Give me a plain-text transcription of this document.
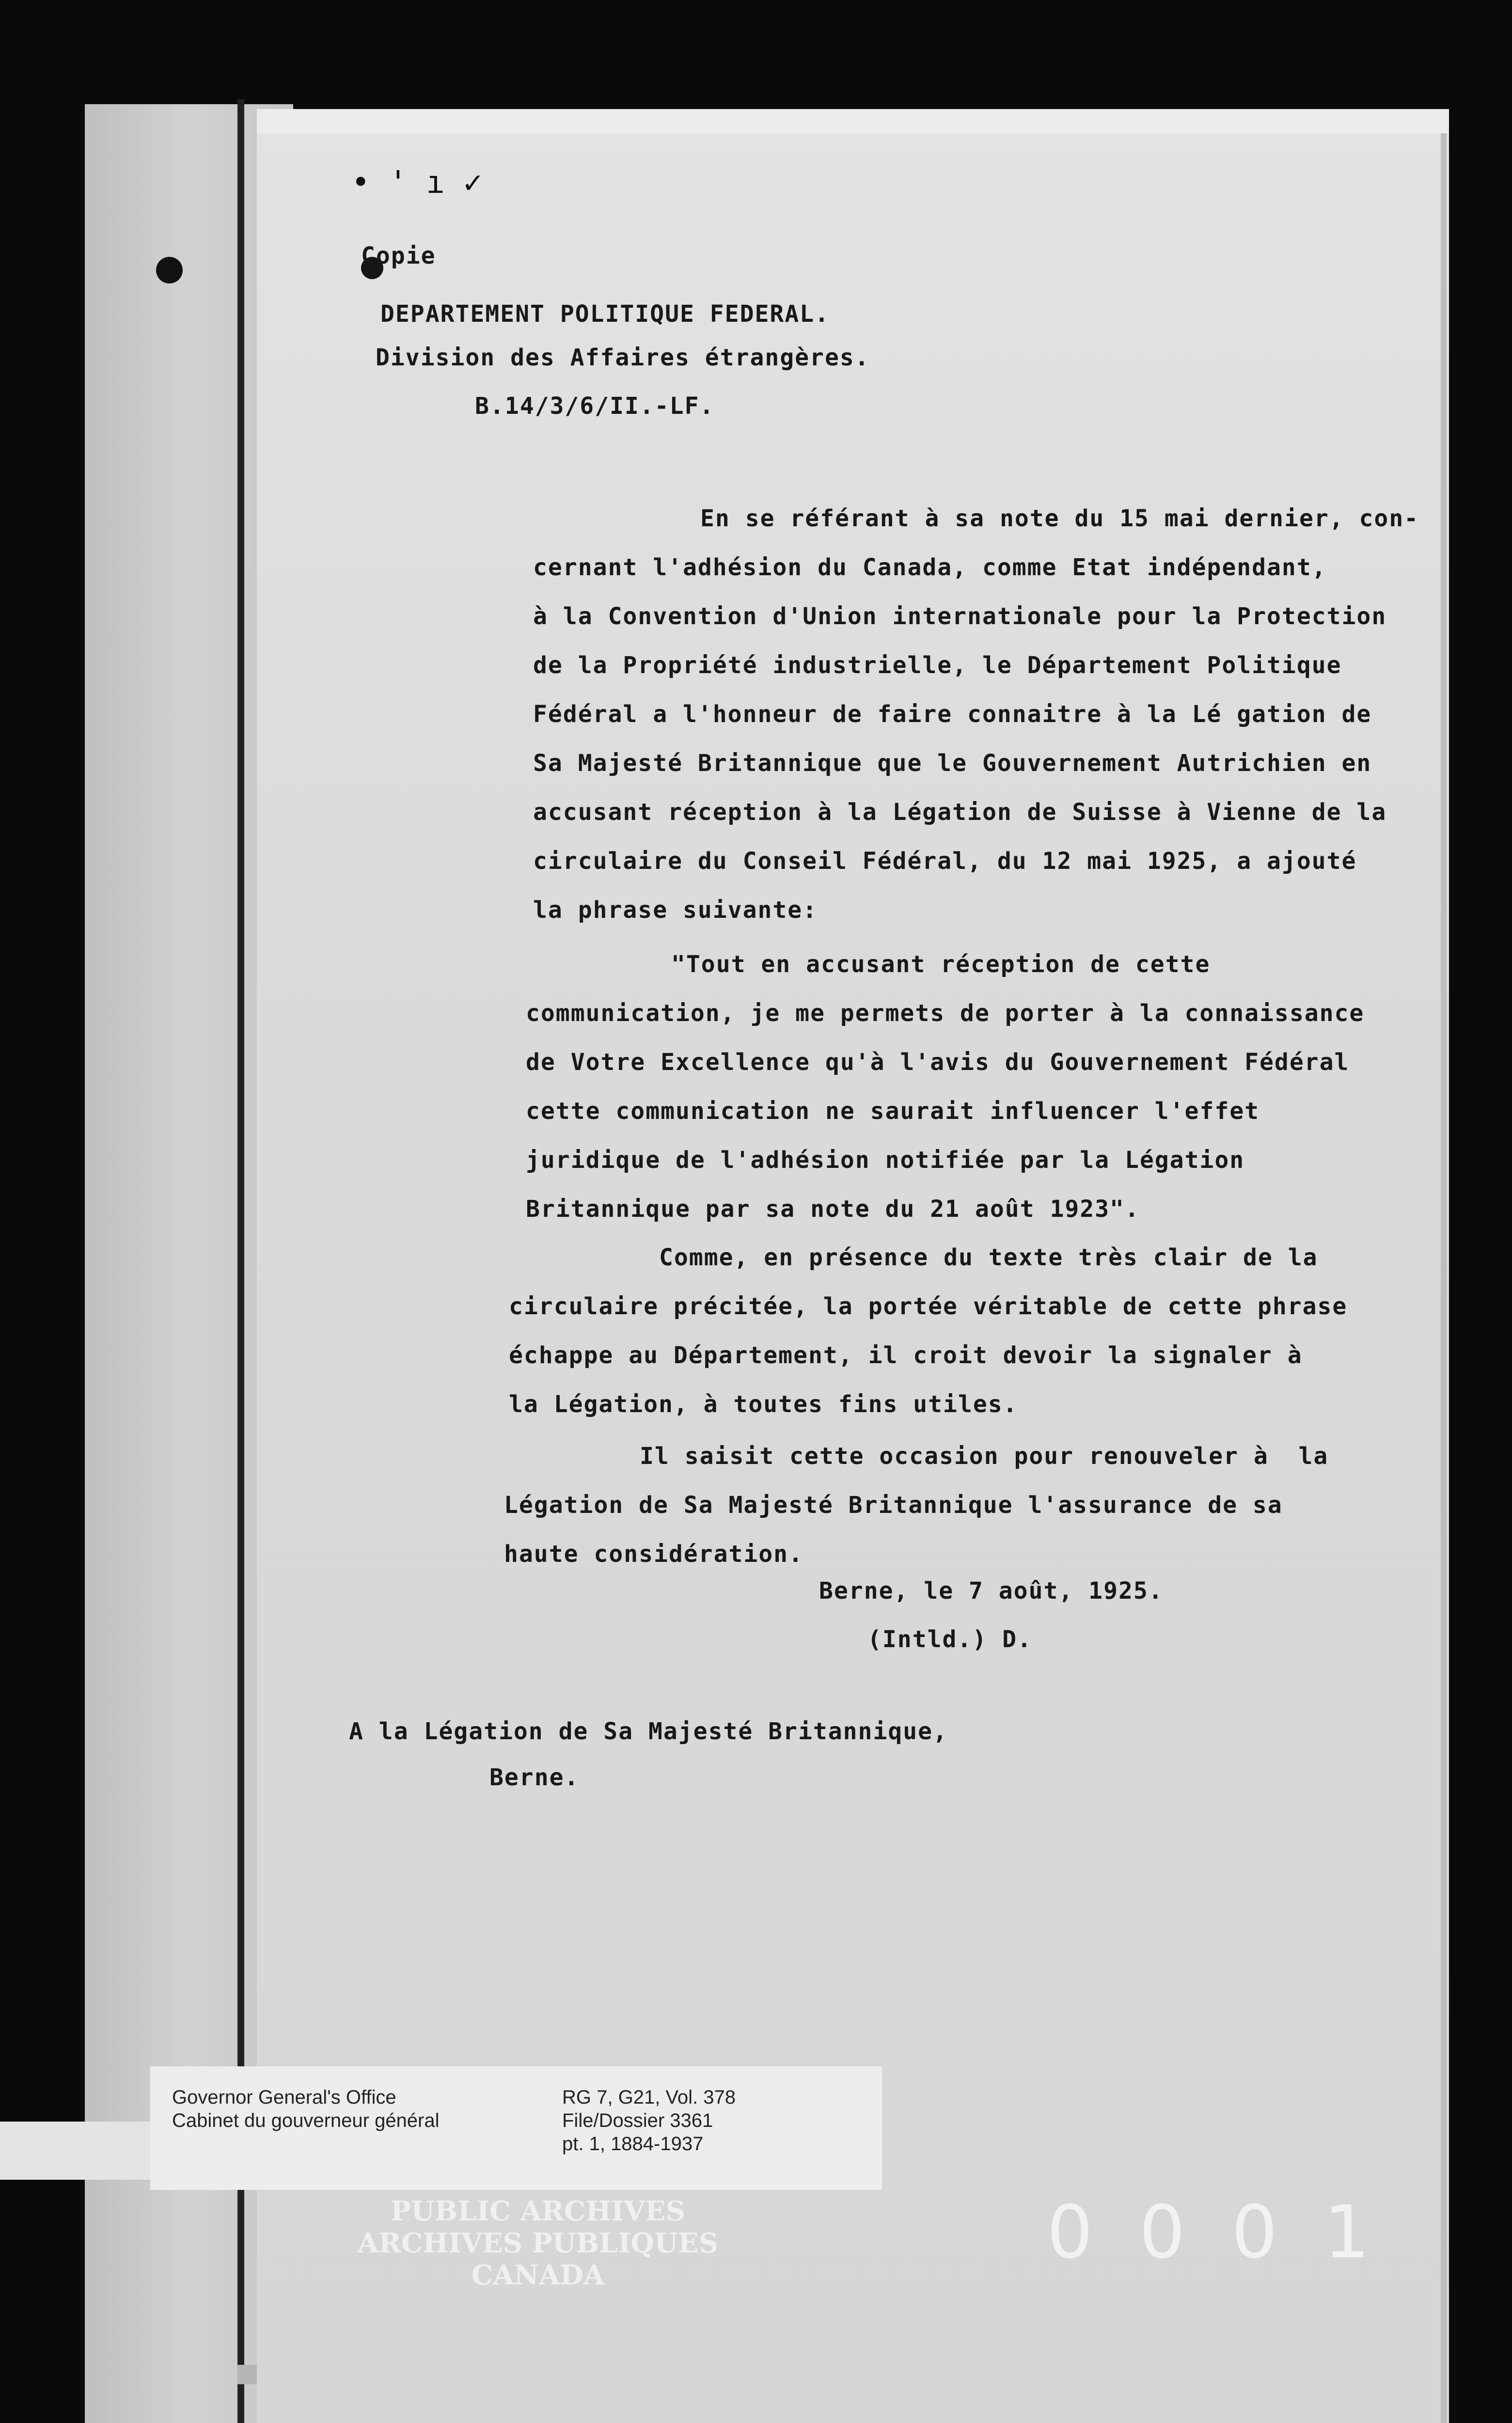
• ' ı ✓
Copie
DEPARTEMENT POLITIQUE FEDERAL.
Division des Affaires étrangères.
B.14/3/6/II.-LF.
En se référant à sa note du 15 mai dernier, con-
cernant l'adhésion du Canada, comme Etat indépendant,
à la Convention d'Union internationale pour la Protection
de la Propriété industrielle, le Département Politique
Fédéral a l'honneur de faire connaitre à la Lé gation de
Sa Majesté Britannique que le Gouvernement Autrichien en
accusant réception à la Légation de Suisse à Vienne de la
circulaire du Conseil Fédéral, du 12 mai 1925, a ajouté
la phrase suivante:
"Tout en accusant réception de cette
communication, je me permets de porter à la connaissance
de Votre Excellence qu'à l'avis du Gouvernement Fédéral
cette communication ne saurait influencer l'effet
juridique de l'adhésion notifiée par la Légation
Britannique par sa note du 21 août 1923".
Comme, en présence du texte très clair de la
circulaire précitée, la portée véritable de cette phrase
échappe au Département, il croit devoir la signaler à
la Légation, à toutes fins utiles.
Il saisit cette occasion pour renouveler à  la
Légation de Sa Majesté Britannique l'assurance de sa
haute considération.
Berne, le 7 août, 1925.
(Intld.) D.
A la Légation de Sa Majesté Britannique,
Berne.
Governor General's Office
Cabinet du gouverneur général
RG 7, G21, Vol. 378
File/Dossier 3361
pt. 1, 1884-1937
PUBLIC ARCHIVES
ARCHIVES PUBLIQUES
CANADA
0001
